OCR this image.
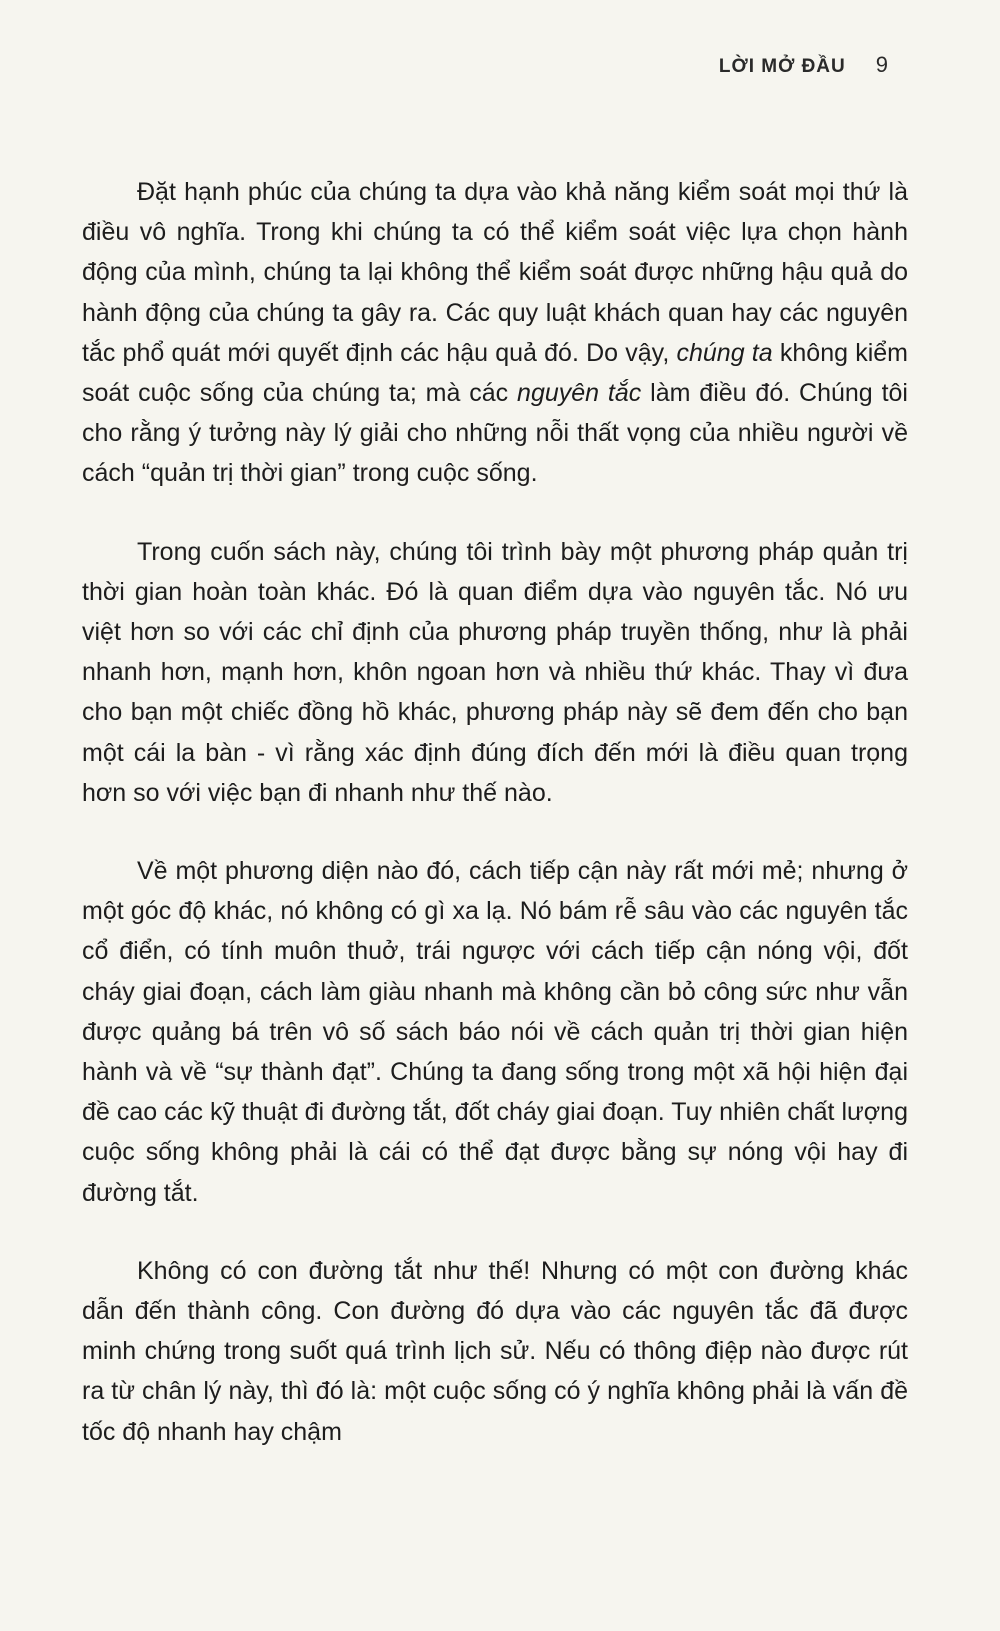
LỜI MỞ ĐẦU 9

Đặt hạnh phúc của chúng ta dựa vào khả năng kiểm soát mọi thứ là điều vô nghĩa. Trong khi chúng ta có thể kiểm soát việc lựa chọn hành động của mình, chúng ta lại không thể kiểm soát được những hậu quả do hành động của chúng ta gây ra. Các quy luật khách quan hay các nguyên tắc phổ quát mới quyết định các hậu quả đó. Do vậy, chúng ta không kiểm soát cuộc sống của chúng ta; mà các nguyên tắc làm điều đó. Chúng tôi cho rằng ý tưởng này lý giải cho những nỗi thất vọng của nhiều người về cách “quản trị thời gian” trong cuộc sống.

Trong cuốn sách này, chúng tôi trình bày một phương pháp quản trị thời gian hoàn toàn khác. Đó là quan điểm dựa vào nguyên tắc. Nó ưu việt hơn so với các chỉ định của phương pháp truyền thống, như là phải nhanh hơn, mạnh hơn, khôn ngoan hơn và nhiều thứ khác. Thay vì đưa cho bạn một chiếc đồng hồ khác, phương pháp này sẽ đem đến cho bạn một cái la bàn - vì rằng xác định đúng đích đến mới là điều quan trọng hơn so với việc bạn đi nhanh như thế nào.

Về một phương diện nào đó, cách tiếp cận này rất mới mẻ; nhưng ở một góc độ khác, nó không có gì xa lạ. Nó bám rễ sâu vào các nguyên tắc cổ điển, có tính muôn thuở, trái ngược với cách tiếp cận nóng vội, đốt cháy giai đoạn, cách làm giàu nhanh mà không cần bỏ công sức như vẫn được quảng bá trên vô số sách báo nói về cách quản trị thời gian hiện hành và về “sự thành đạt”. Chúng ta đang sống trong một xã hội hiện đại đề cao các kỹ thuật đi đường tắt, đốt cháy giai đoạn. Tuy nhiên chất lượng cuộc sống không phải là cái có thể đạt được bằng sự nóng vội hay đi đường tắt.

Không có con đường tắt như thế! Nhưng có một con đường khác dẫn đến thành công. Con đường đó dựa vào các nguyên tắc đã được minh chứng trong suốt quá trình lịch sử. Nếu có thông điệp nào được rút ra từ chân lý này, thì đó là: một cuộc sống có ý nghĩa không phải là vấn đề tốc độ nhanh hay chậm
